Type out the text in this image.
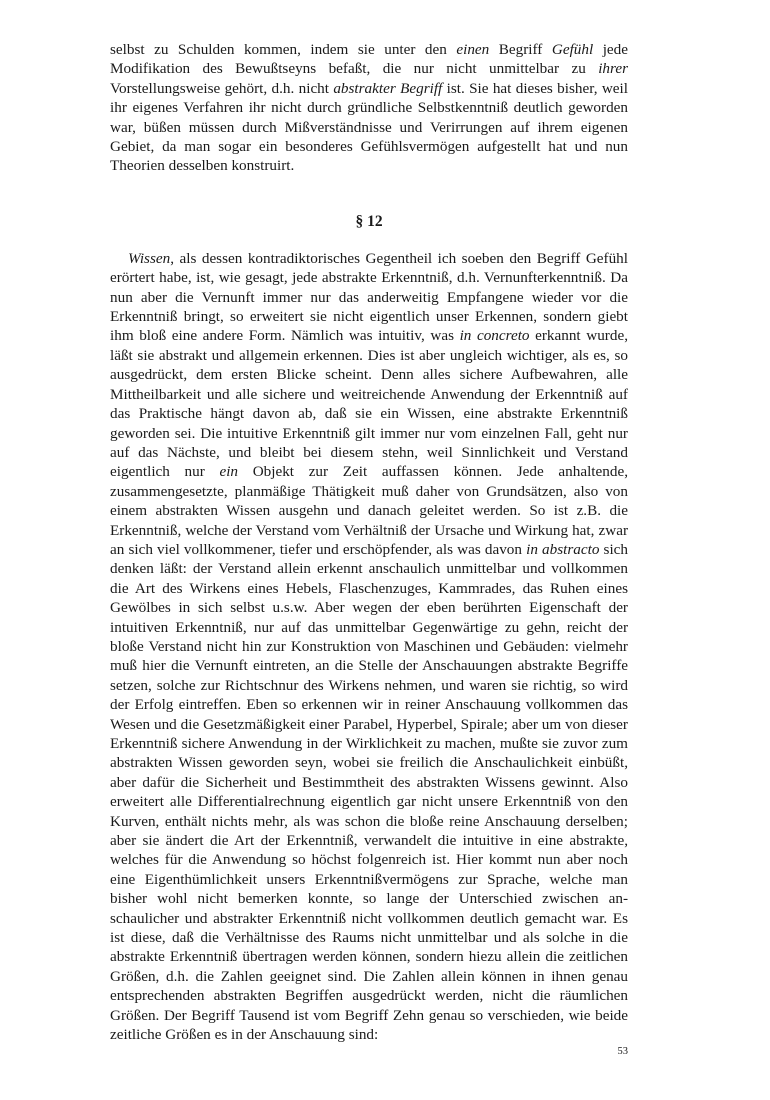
selbst zu Schulden kommen, indem sie unter den einen Begriff Gefühl jede Modifikation des Bewußtseyns befaßt, die nur nicht unmittelbar zu ihrer Vorstellungsweise gehört, d.h. nicht abstrakter Begriff ist. Sie hat dieses bisher, weil ihr eigenes Verfahren ihr nicht durch gründliche Selbstkenntniß deutlich geworden war, büßen müssen durch Mißverständnisse und Verirrungen auf ihrem eigenen Gebiet, da man sogar ein besonderes Gefühlsvermögen aufgestellt hat und nun Theorien desselben konstruirt.

§ 12

Wissen, als dessen kontradiktorisches Gegentheil ich soeben den Begriff Gefühl erörtert habe, ist, wie gesagt, jede abstrakte Erkenntniß, d.h. Vernunfterkenntniß. Da nun aber die Vernunft immer nur das anderweitig Empfangene wieder vor die Erkenntniß bringt, so erweitert sie nicht eigentlich unser Erkennen, sondern giebt ihm bloß eine andere Form. Nämlich was intuitiv, was in concreto erkannt wurde, läßt sie abstrakt und allgemein erkennen. Dies ist aber ungleich wichtiger, als es, so ausgedrückt, dem ersten Blicke scheint. Denn alles sichere Aufbewahren, alle Mittheilbarkeit und alle sichere und weitreichende Anwendung der Erkenntniß auf das Praktische hängt davon ab, daß sie ein Wissen, eine abstrakte Erkenntniß geworden sei. Die intuitive Erkenntniß gilt immer nur vom einzelnen Fall, geht nur auf das Nächste, und bleibt bei diesem stehn, weil Sinnlichkeit und Verstand eigentlich nur ein Objekt zur Zeit auffassen können. Jede anhaltende, zusammengesetzte, planmäßige Thätigkeit muß daher von Grundsätzen, also von einem abstrakten Wissen ausgehn und danach geleitet werden. So ist z.B. die Erkenntniß, welche der Verstand vom Verhältniß der Ursache und Wirkung hat, zwar an sich viel vollkommener, tiefer und erschöpfender, als was davon in abstracto sich denken läßt: der Verstand allein erkennt anschaulich unmittelbar und vollkommen die Art des Wirkens eines Hebels, Flaschenzuges, Kammrades, das Ruhen eines Gewölbes in sich selbst u.s.w. Aber wegen der eben berührten Eigenschaft der intuitiven Erkenntniß, nur auf das unmittelbar Gegenwärtige zu gehn, reicht der bloße Verstand nicht hin zur Konstruktion von Maschinen und Gebäuden: vielmehr muß hier die Vernunft eintreten, an die Stelle der Anschauungen abstrakte Begriffe setzen, solche zur Richtschnur des Wirkens nehmen, und waren sie richtig, so wird der Erfolg eintreffen. Eben so erkennen wir in reiner Anschauung vollkommen das Wesen und die Gesetzmäßigkeit einer Parabel, Hyperbel, Spirale; aber um von dieser Erkenntniß sichere Anwendung in der Wirklichkeit zu machen, mußte sie zuvor zum abstrakten Wissen geworden seyn, wobei sie freilich die Anschaulichkeit einbüßt, aber dafür die Sicherheit und Bestimmtheit des abstrakten Wissens gewinnt. Also erweitert alle Differentialrechnung eigentlich gar nicht unsere Erkenntniß von den Kurven, enthält nichts mehr, als was schon die bloße reine Anschauung derselben; aber sie ändert die Art der Erkenntniß, verwandelt die intuitive in eine abstrakte, welches für die Anwendung so höchst folgenreich ist. Hier kommt nun aber noch eine Eigenthümlichkeit unsers Erkenntnißvermögens zur Sprache, welche man bisher wohl nicht bemerken konnte, so lange der Unterschied zwischen anschaulicher und abstrakter Erkenntniß nicht vollkommen deutlich gemacht war. Es ist diese, daß die Verhältnisse des Raums nicht unmittelbar und als solche in die abstrakte Erkenntniß übertragen werden können, sondern hiezu allein die zeitlichen Größen, d.h. die Zahlen geeignet sind. Die Zahlen allein können in ihnen genau entsprechenden abstrakten Begriffen ausgedrückt werden, nicht die räumlichen Größen. Der Begriff Tausend ist vom Begriff Zehn genau so verschieden, wie beide zeitliche Größen es in der Anschauung sind:

53
